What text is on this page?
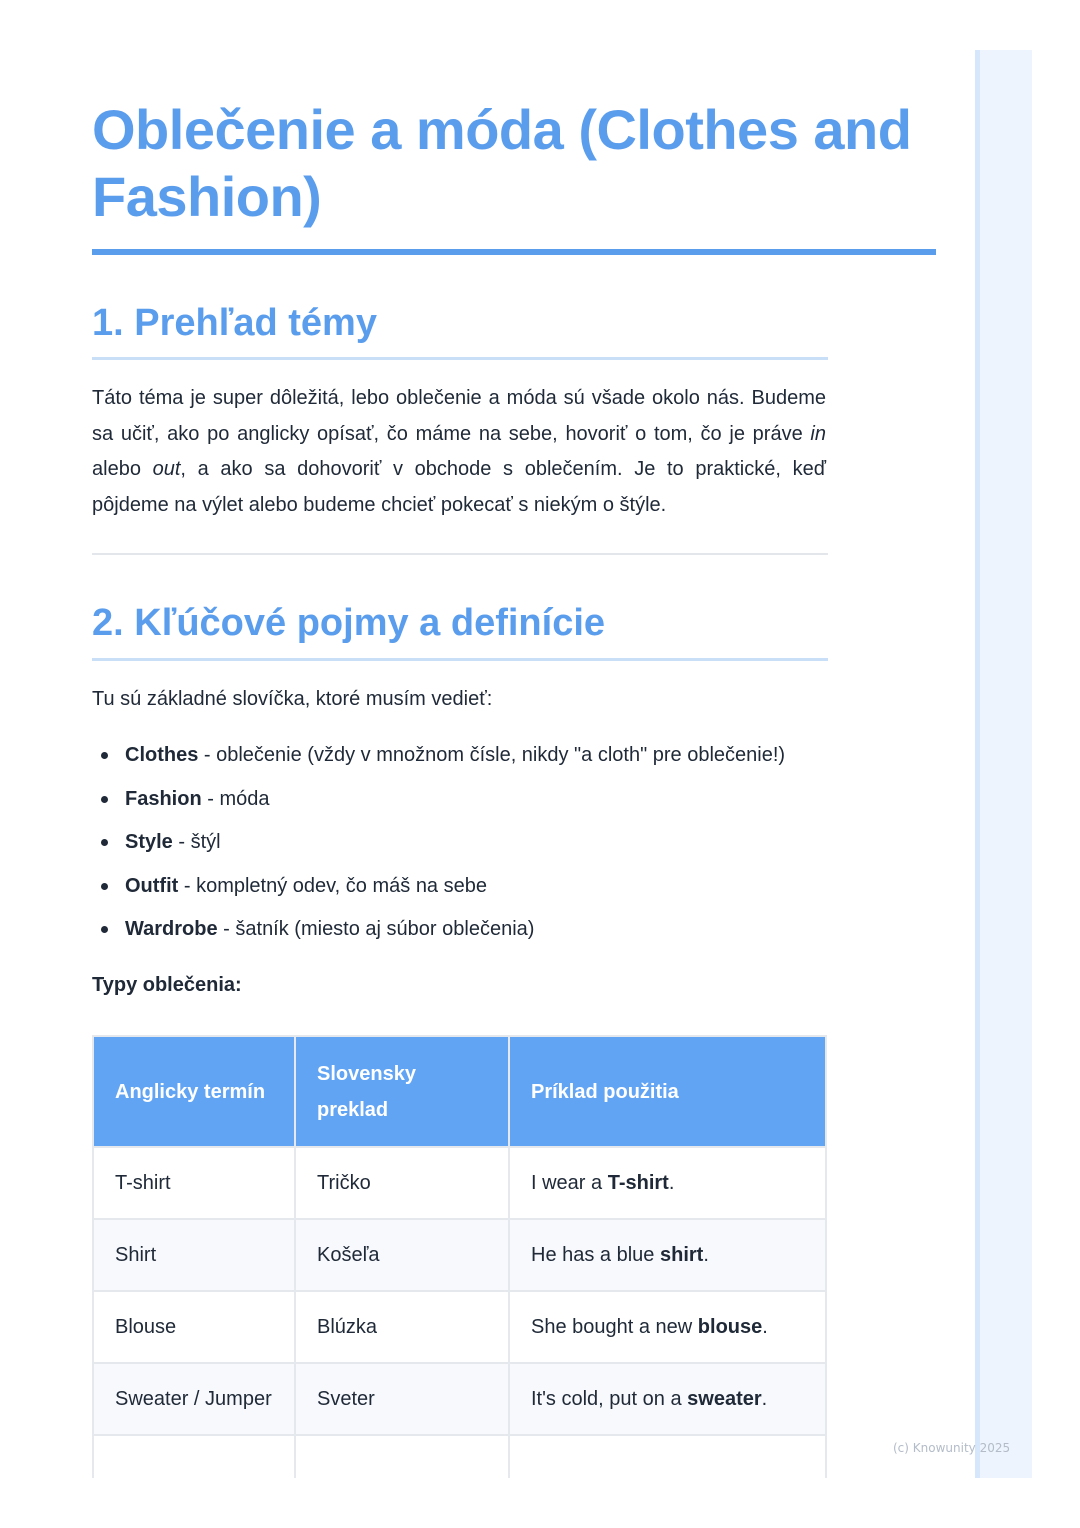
Oblečenie a móda (Clothes and Fashion)
1. Prehľad témy

Táto téma je super dôležitá, lebo oblečenie a móda sú všade okolo nás. Budeme sa učiť, ako po anglicky opísať, čo máme na sebe, hovoriť o tom, čo je práve in alebo out, a ako sa dohovoriť v obchode s oblečením. Je to praktické, keď pôjdeme na výlet alebo budeme chcieť pokecať s niekým o štýle.

2. Kľúčové pojmy a definície

Tu sú základné slovíčka, ktoré musím vedieť:

Clothes - oblečenie (vždy v množnom čísle, nikdy "a cloth" pre oblečenie!)
Fashion - móda
Style - štýl
Outfit - kompletný odev, čo máš na sebe
Wardrobe - šatník (miesto aj súbor oblečenia)

Typy oblečenia:

Anglicky termín	Slovensky preklad	Príklad použitia
T-shirt	Tričko	I wear a T-shirt.
Shirt	Košeľa	He has a blue shirt.
Blouse	Blúzka	She bought a new blouse.
Sweater / Jumper	Sveter	It's cold, put on a sweater.

(c) Knowunity 2025
